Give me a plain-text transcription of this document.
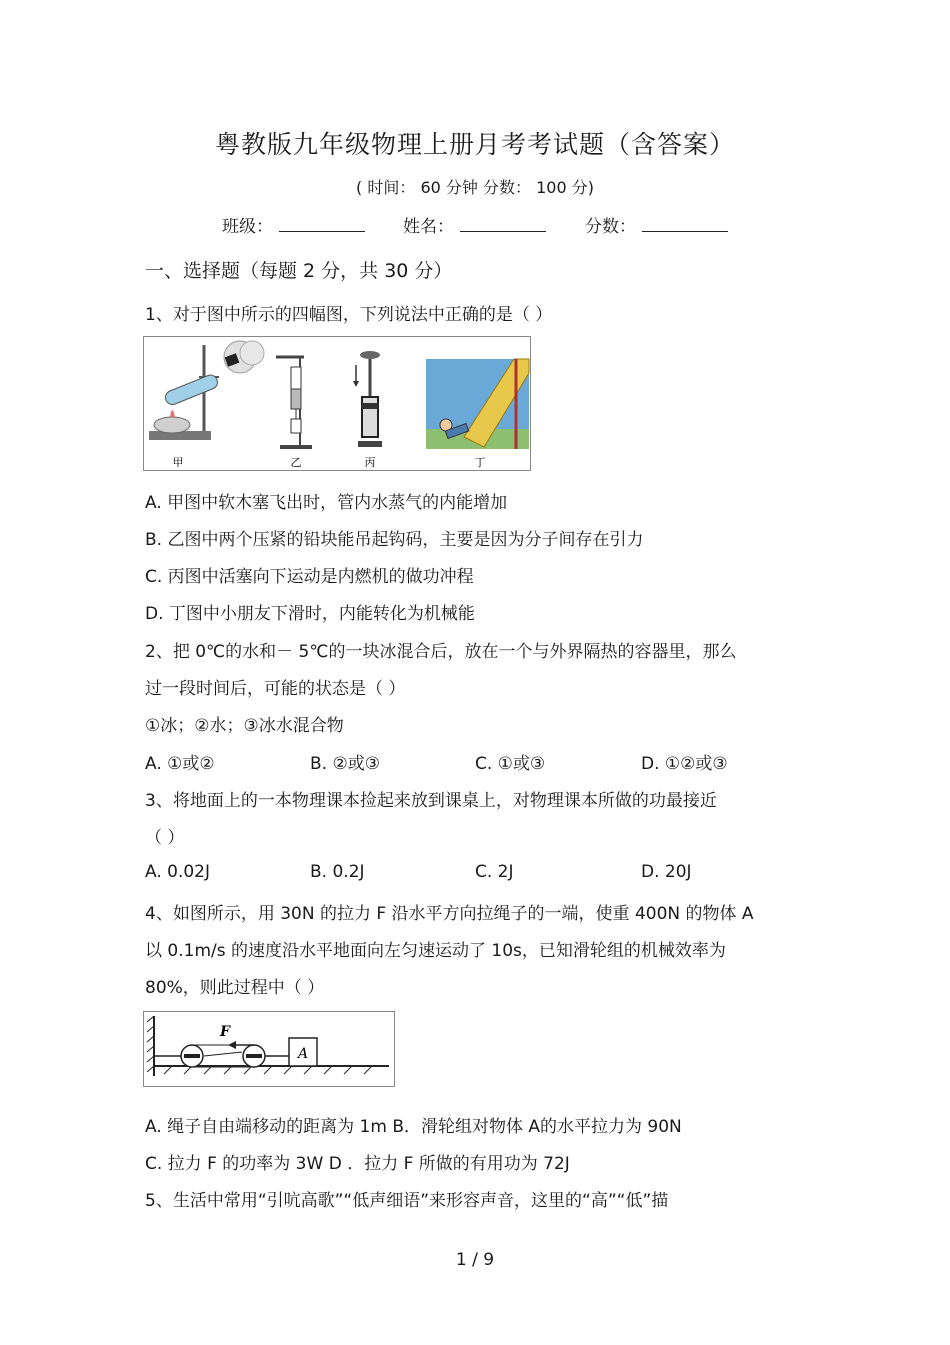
粤教版九年级物理上册月考考试题（含答案）
( 时间： 60 分钟 分数： 100 分)
班级：	姓名：	分数：
一、选择题（每题 2 分，共 30 分）
1、对于图中所示的四幅图，下列说法中正确的是（ ）
甲	乙	丙	丁
A. 甲图中软木塞飞出时，管内水蒸气的内能增加
B. 乙图中两个压紧的铅块能吊起钩码，主要是因为分子间存在引力
C. 丙图中活塞向下运动是内燃机的做功冲程
D. 丁图中小朋友下滑时，内能转化为机械能
2、把 0℃的水和－ 5℃的一块冰混合后，放在一个与外界隔热的容器里，那么
过一段时间后，可能的状态是（ ）
①冰；②水；③冰水混合物
A. ①或②	B. ②或③	C. ①或③	D. ①②或③
3、将地面上的一本物理课本捡起来放到课桌上，对物理课本所做的功最接近
（ ）
A. 0.02J	B. 0.2J	C. 2J	D. 20J
4、如图所示，用 30N 的拉力 F 沿水平方向拉绳子的一端，使重 400N 的物体 A
以 0.1m/s 的速度沿水平地面向左匀速运动了 10s，已知滑轮组的机械效率为
80%，则此过程中（ ）
F
A
A. 绳子自由端移动的距离为 1m B．滑轮组对物体 A的水平拉力为 90N
C. 拉力 F 的功率为 3W D ．拉力 F 所做的有用功为 72J
5、生活中常用“引吭高歌”“低声细语”来形容声音，这里的“高”“低”描
1 / 9
